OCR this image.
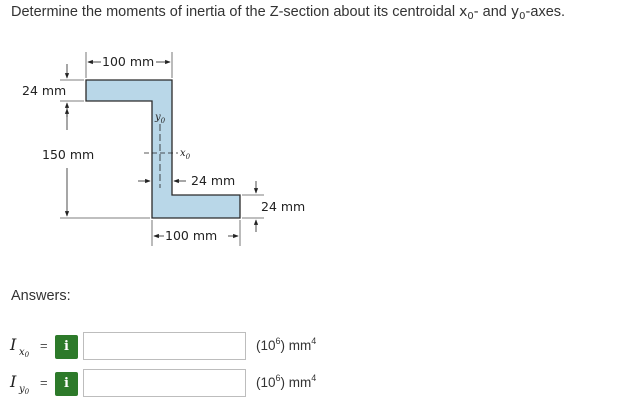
Determine the moments of inertia of the Z-section about its centroidal $x_0-$ and $y_0$-axes.
100 mm
24 mm
150 mm
$y_0$
$x_0$
24 mm
24 mm
100 mm
Answers:
I $x_0$
=	i	$(10^6)$ $mm^4$
I $y_0$
=	i	$(10^6)$ $mm^4$
